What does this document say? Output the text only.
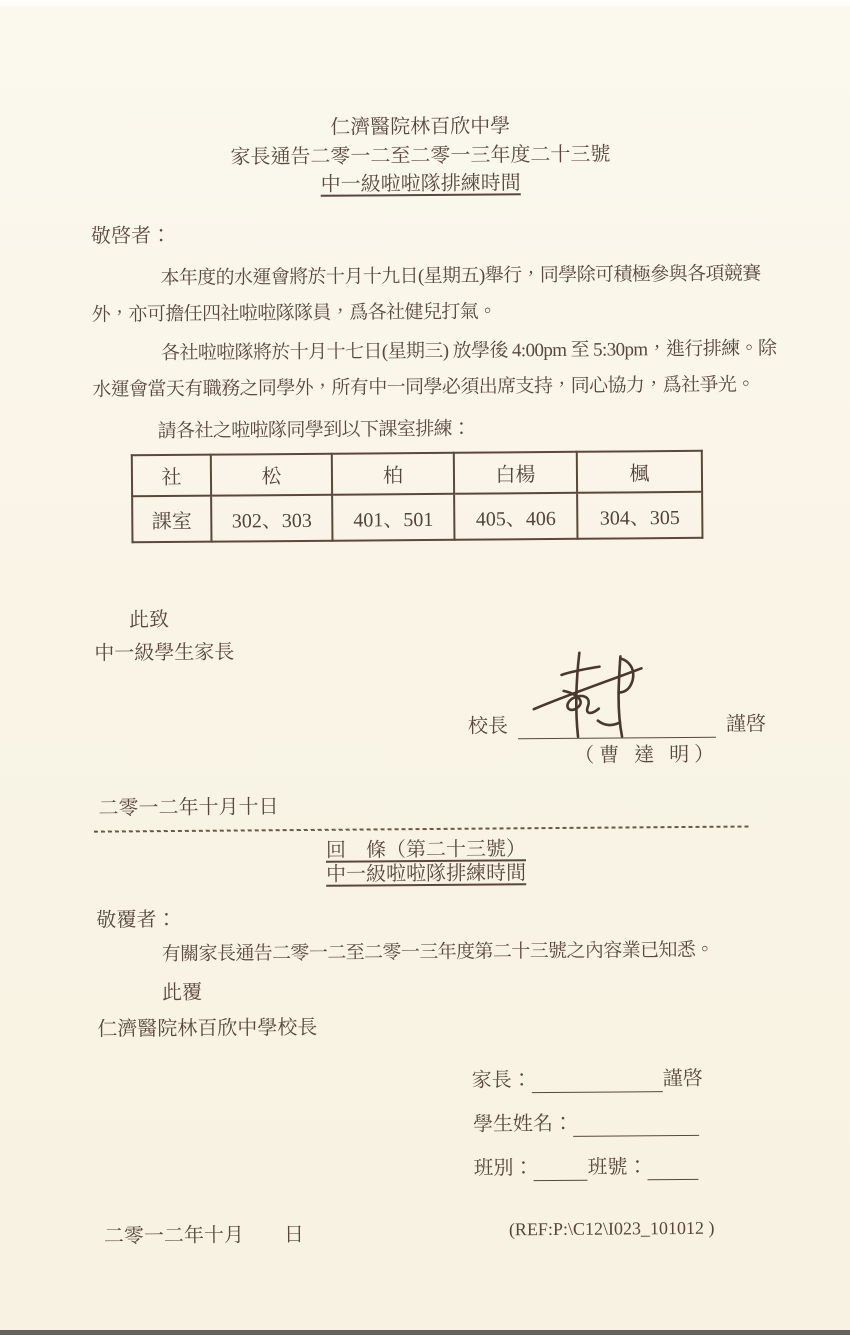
仁濟醫院林百欣中學
家長通告二零一二至二零一三年度二十三號
中一級啦啦隊排練時間
敬啓者：
本年度的水運會將於十月十九日(星期五)舉行，同學除可積極參與各項競賽
外，亦可擔任四社啦啦隊隊員，爲各社健兒打氣。
各社啦啦隊將於十月十七日(星期三) 放學後 4:00pm 至 5:30pm，進行排練。除
水運會當天有職務之同學外，所有中一同學必須出席支持，同心協力，爲社爭光。
請各社之啦啦隊同學到以下課室排練：
社	松	柏	白楊	楓
課室	302、303	401、501	405、406	304、305
此致
中一級學生家長
校長	謹啓
（曹 達 明）
二零一二年十月十日
回　條（第二十三號）
中一級啦啦隊排練時間
敬覆者：
有關家長通告二零一二至二零一三年度第二十三號之內容業已知悉。
此覆
仁濟醫院林百欣中學校長
家長：	謹啓
學生姓名：
班別：	班號：
二零一二年十月　　日	(REF:P:\C12\I023_101012 )
